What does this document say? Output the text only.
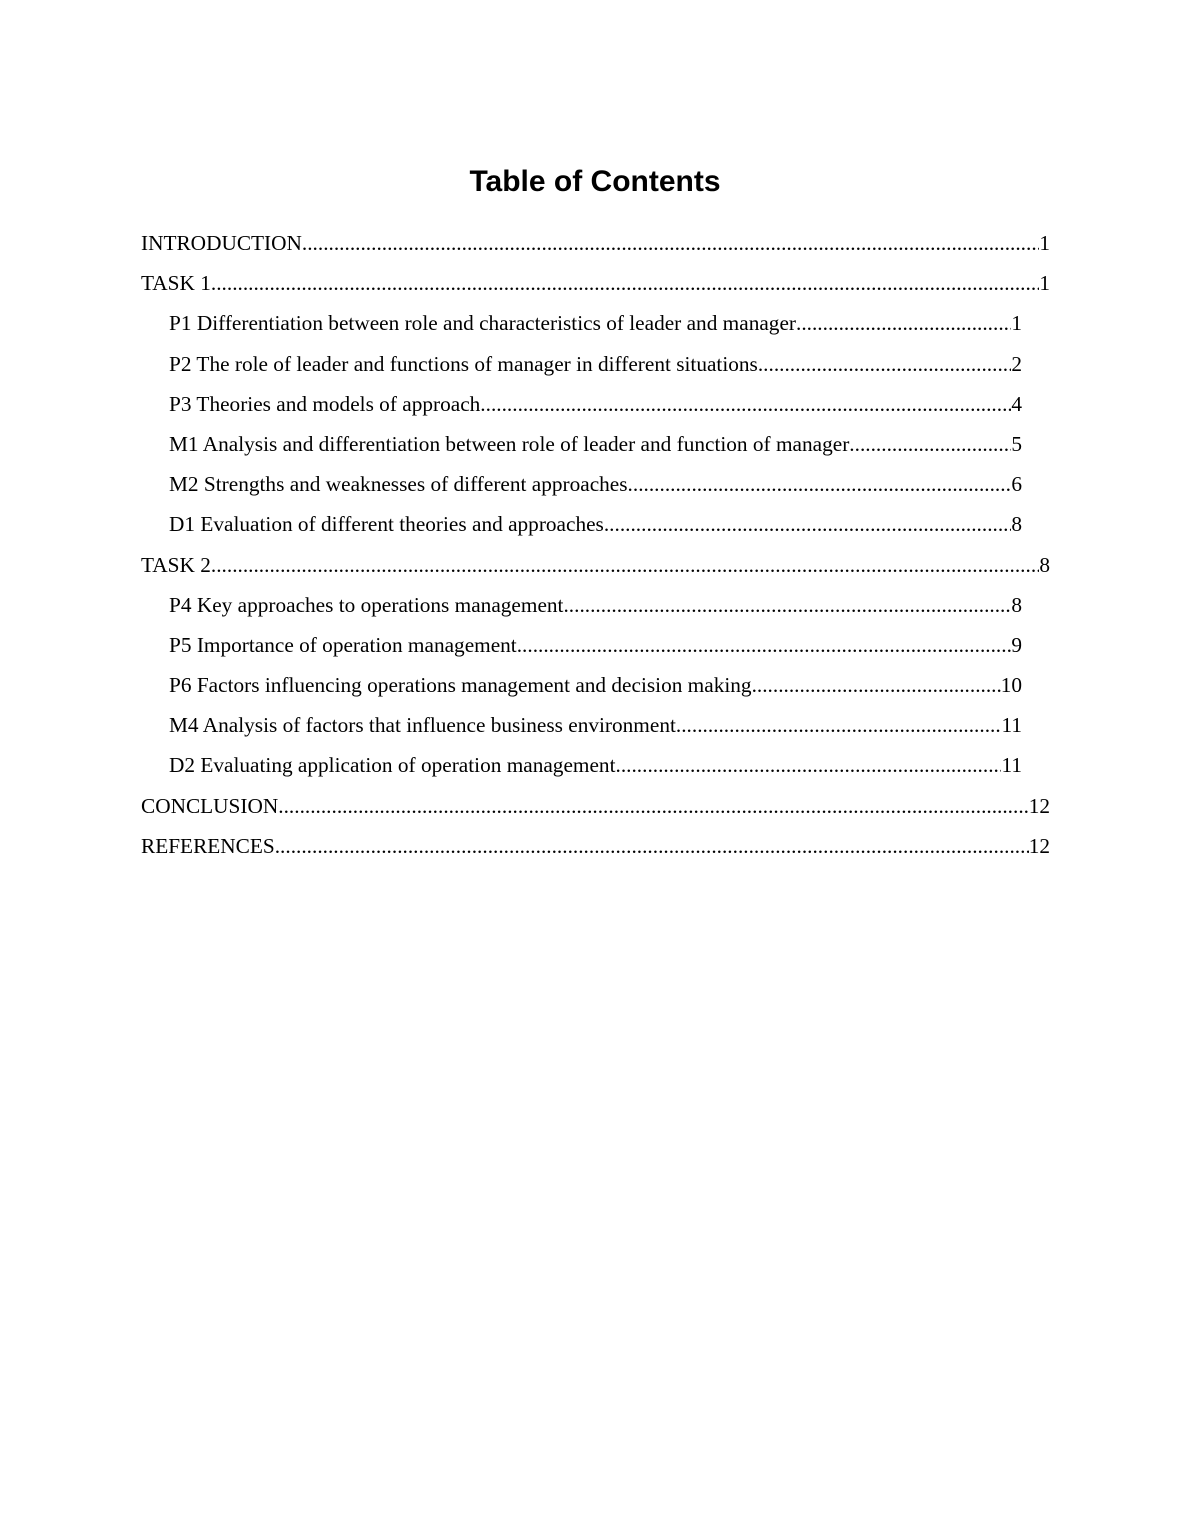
Table of Contents
INTRODUCTION .....	1
TASK 1 .....	1
P1 Differentiation between role and characteristics of leader and manager .....	1
P2 The role of leader and functions of manager in different situations .....	2
P3 Theories and models of approach .....	4
M1 Analysis and differentiation between role of leader and function of manager .....	5
M2 Strengths and weaknesses of different approaches .....	6
D1 Evaluation of different theories and approaches .....	8
TASK 2 .....	8
P4 Key approaches to operations management .....	8
P5 Importance of operation management .....	9
P6 Factors influencing operations management and decision making .....	10
M4 Analysis of factors that influence business environment .....	11
D2 Evaluating application of operation management .....	11
CONCLUSION .....	12
REFERENCES .....	12
